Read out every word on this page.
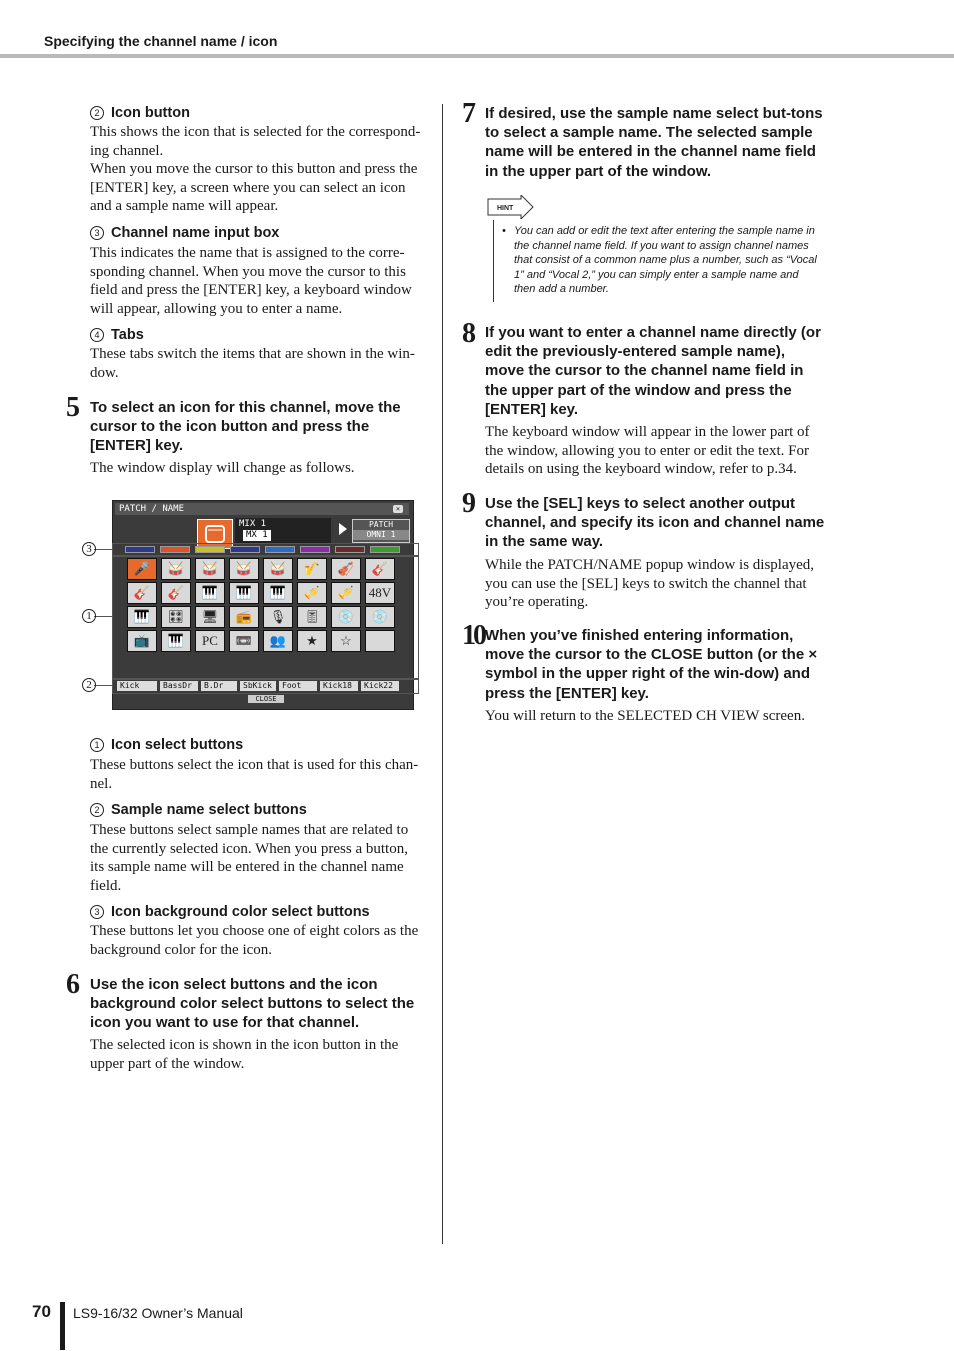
Specifying the channel name / icon
2 Icon button
This shows the icon that is selected for the correspond-ing channel.
When you move the cursor to this button and press the [ENTER] key, a screen where you can select an icon and a sample name will appear.
3 Channel name input box
This indicates the name that is assigned to the corre-sponding channel. When you move the cursor to this field and press the [ENTER] key, a keyboard window will appear, allowing you to enter a name.
4 Tabs
These tabs switch the items that are shown in the win-dow.
5 To select an icon for this channel, move the cursor to the icon button and press the [ENTER] key.
The window display will change as follows.
PATCH / NAME	×
MIX 1
MX 1
PATCH
OMNI 1
🎤	🥁	🥁	🥁	🥁	🎷	🎻	🎸
🎸	🎸	🎹	🎹	🎹	🎺	🎺	48V
🎹	🎛	🖥	📻	🎙	🎚	💿	💿
📺	🎹	PC	📼	👥	★	☆
Kick	BassDr	B.Dr	SbKick	Foot	Kick18	Kick22
CLOSE
3
1
2
1 Icon select buttons
These buttons select the icon that is used for this chan-nel.
2 Sample name select buttons
These buttons select sample names that are related to the currently selected icon. When you press a button, its sample name will be entered in the channel name field.
3 Icon background color select buttons
These buttons let you choose one of eight colors as the background color for the icon.
6 Use the icon select buttons and the icon background color select buttons to select the icon you want to use for that channel.
The selected icon is shown in the icon button in the upper part of the window.
7 If desired, use the sample name select but-tons to select a sample name. The selected sample name will be entered in the channel name field in the upper part of the window.
HINT
• You can add or edit the text after entering the sample name in the channel name field. If you want to assign channel names that consist of a common name plus a number, such as “Vocal 1” and “Vocal 2,” you can simply enter a sample name and then add a number.
8 If you want to enter a channel name directly (or edit the previously-entered sample name), move the cursor to the channel name field in the upper part of the window and press the [ENTER] key.
The keyboard window will appear in the lower part of the window, allowing you to enter or edit the text. For details on using the keyboard window, refer to p.34.
9 Use the [SEL] keys to select another output channel, and specify its icon and channel name in the same way.
While the PATCH/NAME popup window is displayed, you can use the [SEL] keys to switch the channel that you’re operating.
10 When you’ve finished entering information, move the cursor to the CLOSE button (or the × symbol in the upper right of the win-dow) and press the [ENTER] key.
You will return to the SELECTED CH VIEW screen.
70 LS9-16/32 Owner’s Manual
